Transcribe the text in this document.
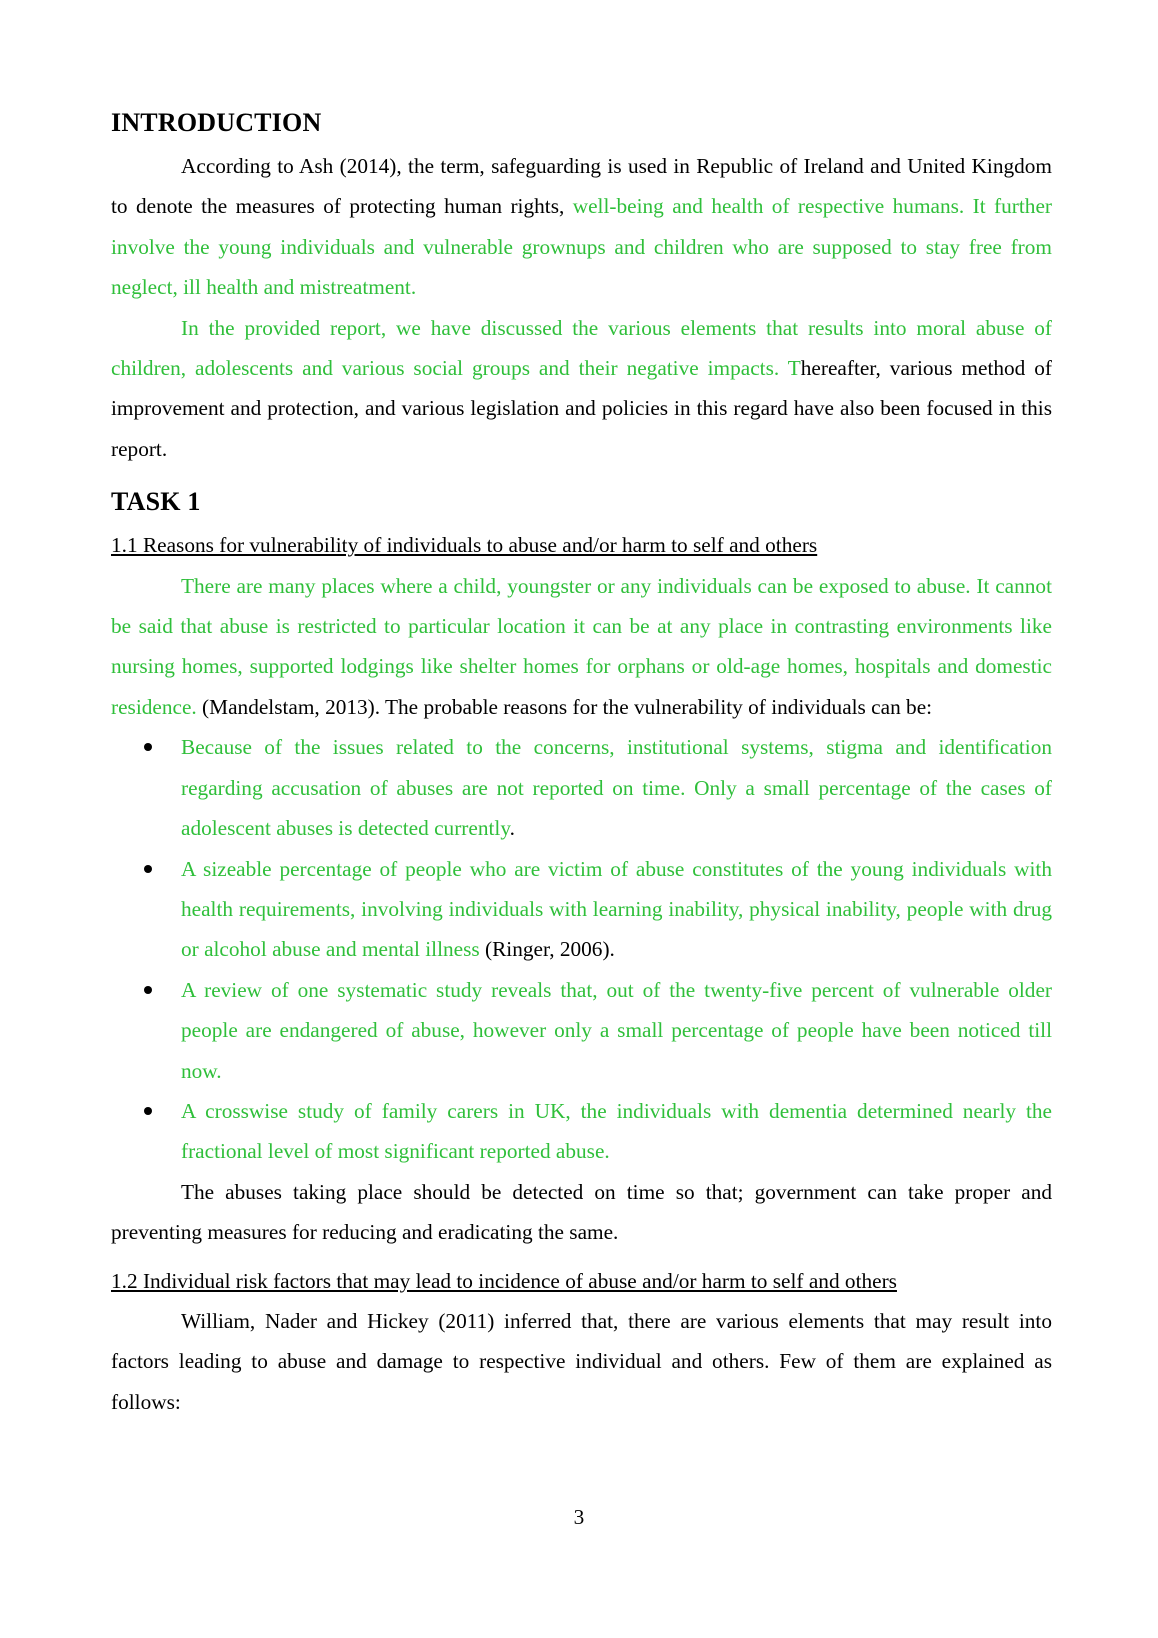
INTRODUCTION

According to Ash (2014), the term, safeguarding is used in Republic of Ireland and United Kingdom to denote the measures of protecting human rights, well-being and health of respective humans. It further involve the young individuals and vulnerable grownups and children who are supposed to stay free from neglect, ill health and mistreatment.

In the provided report, we have discussed the various elements that results into moral abuse of children, adolescents and various social groups and their negative impacts. Thereafter, various method of improvement and protection, and various legislation and policies in this regard have also been focused in this report.

TASK 1
1.1 Reasons for vulnerability of individuals to abuse and/or harm to self and others

There are many places where a child, youngster or any individuals can be exposed to abuse. It cannot be said that abuse is restricted to particular location it can be at any place in contrasting environments like nursing homes, supported lodgings like shelter homes for orphans or old-age homes, hospitals and domestic residence. (Mandelstam, 2013). The probable reasons for the vulnerability of individuals can be:

Because of the issues related to the concerns, institutional systems, stigma and identification regarding accusation of abuses are not reported on time. Only a small percentage of the cases of adolescent abuses is detected currently.
A sizeable percentage of people who are victim of abuse constitutes of the young individuals with health requirements, involving individuals with learning inability, physical inability, people with drug or alcohol abuse and mental illness (Ringer, 2006).
A review of one systematic study reveals that, out of the twenty-five percent of vulnerable older people are endangered of abuse, however only a small percentage of people have been noticed till now.
A crosswise study of family carers in UK, the individuals with dementia determined nearly the fractional level of most significant reported abuse.

The abuses taking place should be detected on time so that; government can take proper and preventing measures for reducing and eradicating the same.

1.2 Individual risk factors that may lead to incidence of abuse and/or harm to self and others

William, Nader and Hickey (2011) inferred that, there are various elements that may result into factors leading to abuse and damage to respective individual and others. Few of them are explained as follows:

3
